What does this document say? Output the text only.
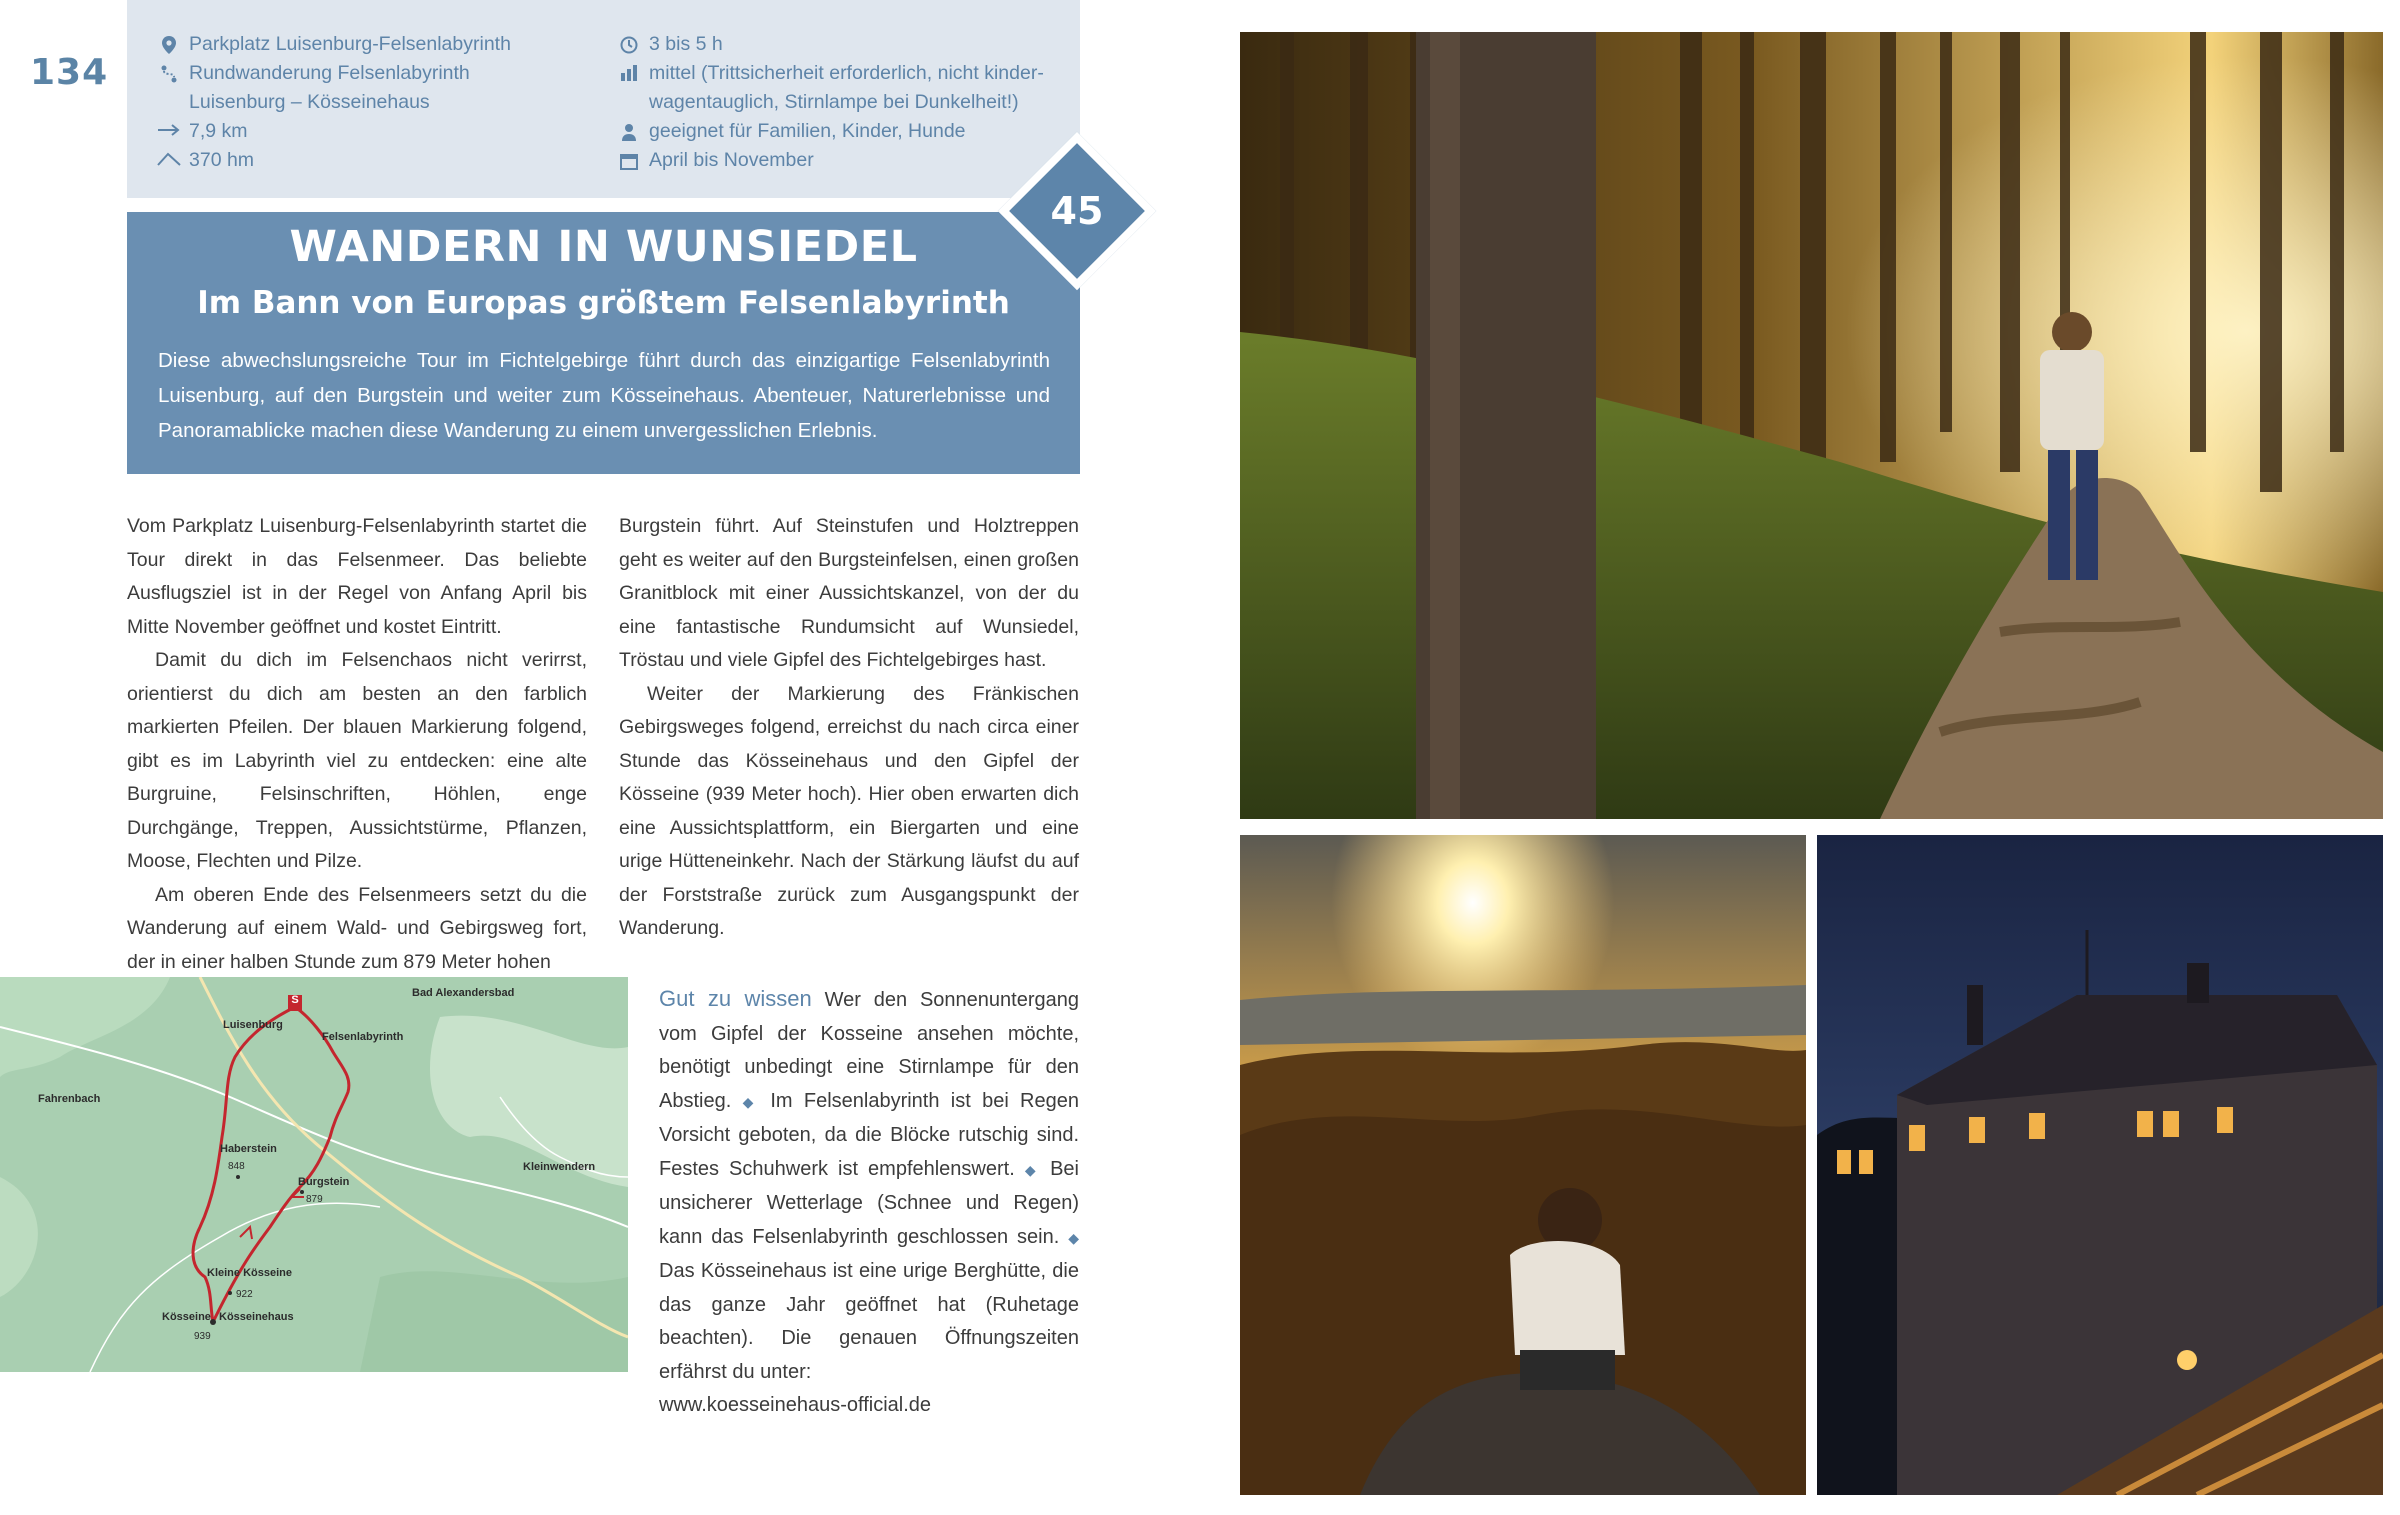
134
Parkplatz Luisenburg-Felsenlabyrinth
Rundwanderung Felsenlabyrinth
Luisenburg – Kösseinehaus
7,9 km
370 hm
3 bis 5 h
mittel (Trittsicherheit erforderlich, nicht kinder-
wagentauglich, Stirnlampe bei Dunkelheit!)
geeignet für Familien, Kinder, Hunde
April bis November
45
WANDERN IN WUNSIEDEL
Im Bann von Europas größtem Felsenlabyrinth
Diese abwechslungsreiche Tour im Fichtelgebirge führt durch das einzigartige Felsenlabyrinth Luisenburg, auf den Burgstein und weiter zum Kösseinehaus. Abenteuer, Naturerlebnisse und Panoramablicke machen diese Wanderung zu einem unvergesslichen Erlebnis.

Vom Parkplatz Luisenburg-Felsenlabyrinth startet die Tour direkt in das Felsenmeer. Das beliebte Ausflugsziel ist in der Regel von Anfang April bis Mitte November geöffnet und kostet Eintritt.

Damit du dich im Felsenchaos nicht verirrst, orientierst du dich am besten an den farblich markierten Pfeilen. Der blauen Markierung folgend, gibt es im Labyrinth viel zu entdecken: eine alte Burgruine, Felsinschriften, Höhlen, enge Durchgänge, Treppen, Aussichtstürme, Pflanzen, Moose, Flechten und Pilze.

Am oberen Ende des Felsenmeers setzt du die Wanderung auf einem Wald- und Gebirgsweg fort, der in einer halben Stunde zum 879 Meter hohen

Burgstein führt. Auf Steinstufen und Holztreppen geht es weiter auf den Burgsteinfelsen, einen großen Granitblock mit einer Aussichtskanzel, von der du eine fantastische Rundumsicht auf Wunsiedel, Tröstau und viele Gipfel des Fichtelgebirges hast.

Weiter der Markierung des Fränkischen Gebirgsweges folgend, erreichst du nach circa einer Stunde das Kösseinehaus und den Gipfel der Kösseine (939 Meter hoch). Hier oben erwarten dich eine Aussichtsplattform, ein Biergarten und eine urige Hütteneinkehr. Nach der Stärkung läufst du auf der Forststraße zurück zum Ausgangspunkt der Wanderung.

S
Bad Alexandersbad
Luisenburg
Felsenlabyrinth
Fahrenbach
Haberstein
848	Kleinwendern
Burgstein
879
Kleine Kösseine
922
Kösseine Kösseinehaus
939
Gut zu wissen Wer den Sonnenuntergang vom Gipfel der Kosseine ansehen möchte, benötigt unbedingt eine Stirnlampe für den Abstieg. ◆ Im Felsenlabyrinth ist bei Regen Vorsicht geboten, da die Blöcke rutschig sind. Festes Schuhwerk ist empfehlenswert. ◆ Bei unsicherer Wetterlage (Schnee und Regen) kann das Felsenlabyrinth geschlossen sein. ◆ Das Kösseinehaus ist eine urige Berghütte, die das ganze Jahr geöffnet hat (Ruhetage beachten). Die genauen Öffnungszeiten erfährst du unter:
www.koesseinehaus-official.de
